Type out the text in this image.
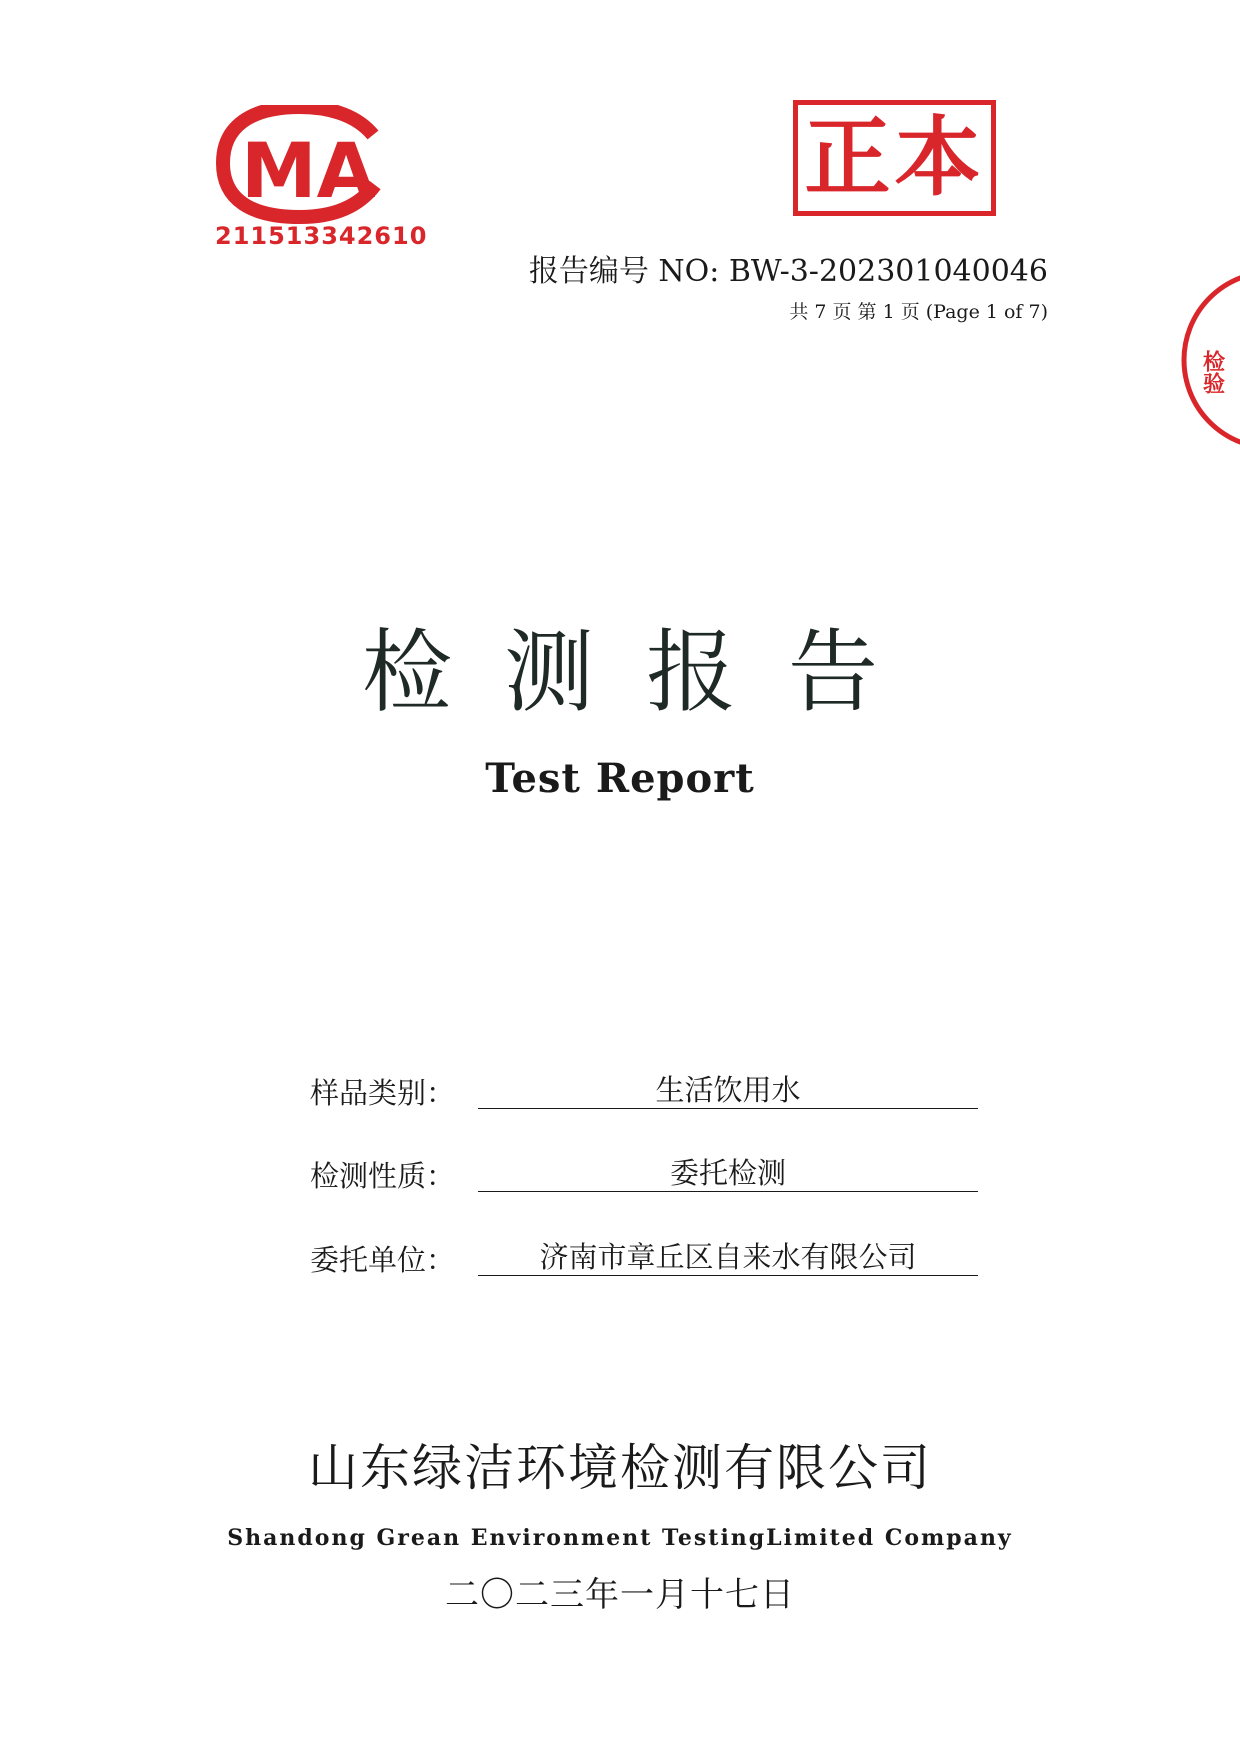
MA
211513342610
正本
报告编号 NO: BW-3-202301040046
共 7 页 第 1 页 (Page 1 of 7)
检验
检测报告
Test Report
样品类别：	生活饮用水
检测性质：	委托检测
委托单位：	济南市章丘区自来水有限公司
山东绿洁环境检测有限公司
Shandong Grean Environment TestingLimited Company
二〇二三年一月十七日
